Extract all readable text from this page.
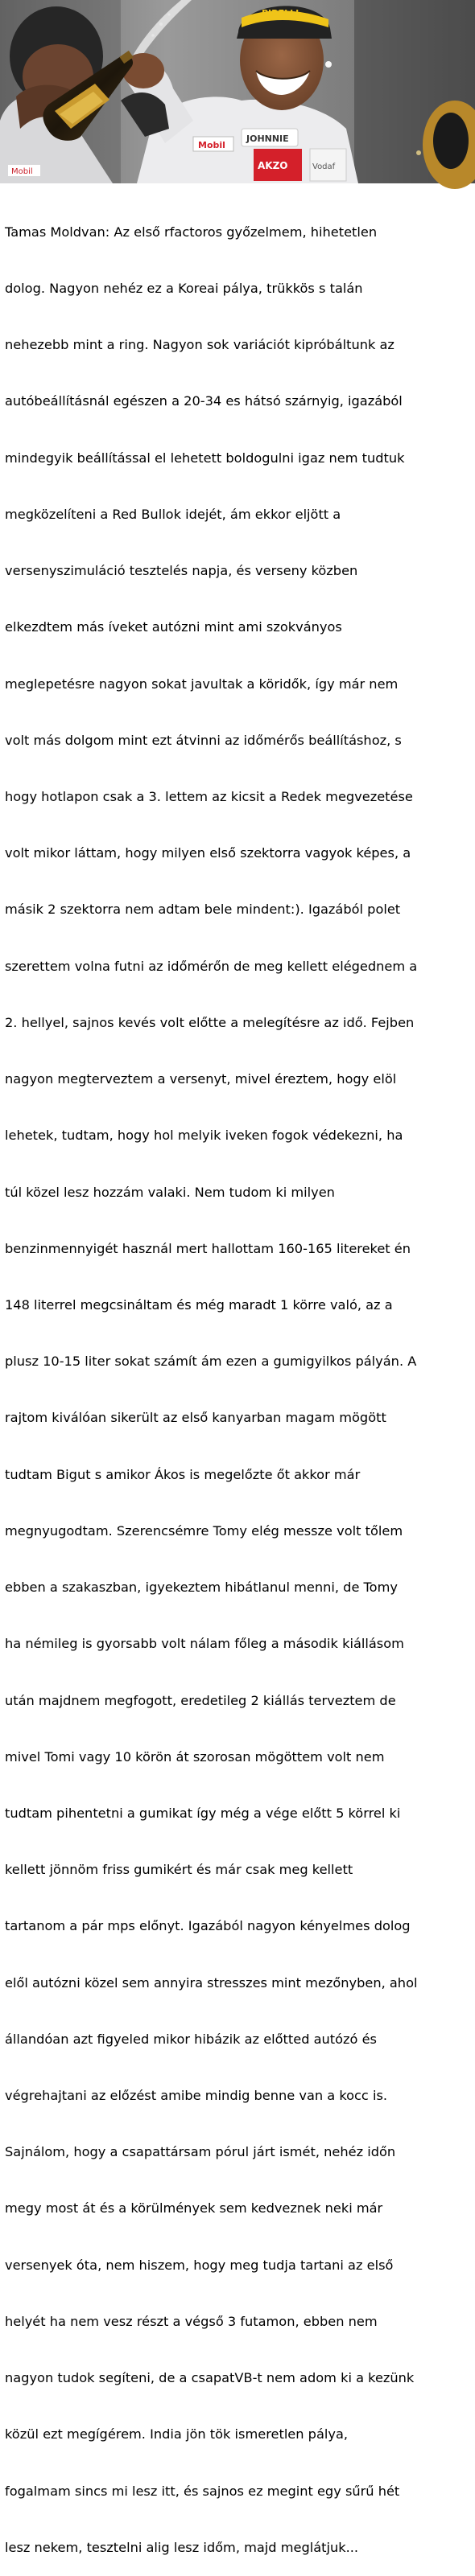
Mobil
JOHNNIE
AKZO
Mobil
Vodaf
PIRELLI

Tamas Moldvan: Az első rfactoros győzelmem, hihetetlen

dolog. Nagyon nehéz ez a Koreai pálya, trükkös s talán

nehezebb mint a ring. Nagyon sok variációt kipróbáltunk az

autóbeállításnál egészen a 20-34 es hátsó szárnyig, igazából

mindegyik beállítással el lehetett boldogulni igaz nem tudtuk

megközelíteni a Red Bullok idejét, ám ekkor eljött a

versenyszimuláció tesztelés napja, és verseny közben

elkezdtem más íveket autózni mint ami szokványos

meglepetésre nagyon sokat javultak a köridők, így már nem

volt más dolgom mint ezt átvinni az időmérős beállításhoz, s

hogy hotlapon csak a 3. lettem az kicsit a Redek megvezetése

volt mikor láttam, hogy milyen első szektorra vagyok képes, a

másik 2 szektorra nem adtam bele mindent:). Igazából polet

szerettem volna futni az időmérőn de meg kellett elégednem a

2. hellyel, sajnos kevés volt előtte a melegítésre az idő. Fejben

nagyon megterveztem a versenyt, mivel éreztem, hogy elöl

lehetek, tudtam, hogy hol melyik iveken fogok védekezni, ha

túl közel lesz hozzám valaki. Nem tudom ki milyen

benzinmennyigét használ mert hallottam 160-165 litereket én

148 literrel megcsináltam és még maradt 1 körre való, az a

plusz 10-15 liter sokat számít ám ezen a gumigyilkos pályán. A

rajtom kiválóan sikerült az első kanyarban magam mögött

tudtam Bigut s amikor Ákos is megelőzte őt akkor már

megnyugodtam. Szerencsémre Tomy elég messze volt tőlem

ebben a szakaszban, igyekeztem hibátlanul menni, de Tomy

ha némileg is gyorsabb volt nálam főleg a második kiállásom

után majdnem megfogott, eredetileg 2 kiállás terveztem de

mivel Tomi vagy 10 körön át szorosan mögöttem volt nem

tudtam pihentetni a gumikat így még a vége előtt 5 körrel ki

kellett jönnöm friss gumikért és már csak meg kellett

tartanom a pár mps előnyt. Igazából nagyon kényelmes dolog

elől autózni közel sem annyira stresszes mint mezőnyben, ahol

állandóan azt figyeled mikor hibázik az előtted autózó és

végrehajtani az előzést amibe mindig benne van a kocc is.

Sajnálom, hogy a csapattársam pórul járt ismét, nehéz időn

megy most át és a körülmények sem kedveznek neki már

versenyek óta, nem hiszem, hogy meg tudja tartani az első

helyét ha nem vesz részt a végső 3 futamon, ebben nem

nagyon tudok segíteni, de a csapatVB-t nem adom ki a kezünk

közül ezt megígérem. India jön tök ismeretlen pálya,

fogalmam sincs mi lesz itt, és sajnos ez megint egy sűrű hét

lesz nekem, tesztelni alig lesz időm, majd meglátjuk...
